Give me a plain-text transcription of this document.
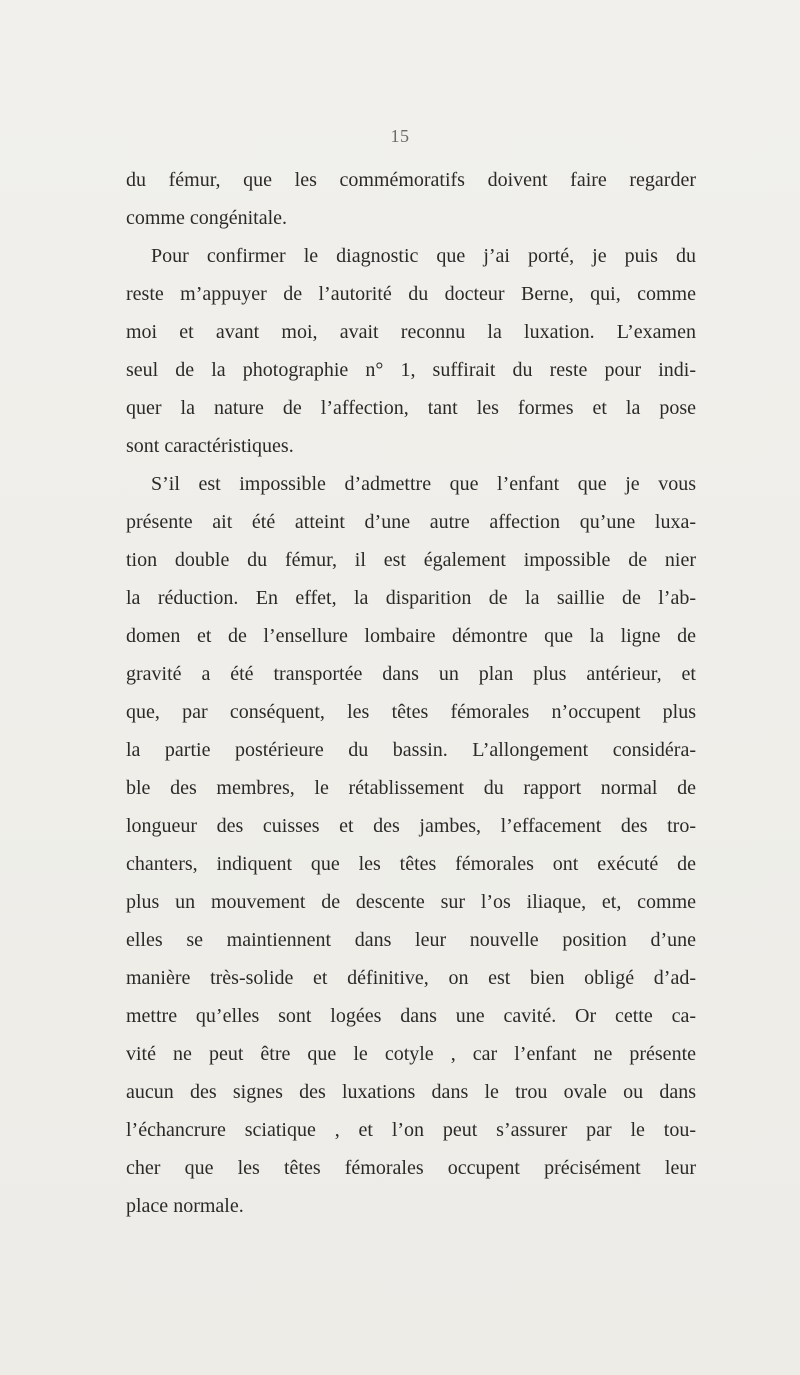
15
du fémur, que les commémoratifs doivent faire regarder
comme congénitale.
Pour confirmer le diagnostic que j’ai porté, je puis du
reste m’appuyer de l’autorité du docteur Berne, qui, comme
moi et avant moi, avait reconnu la luxation. L’examen
seul de la photographie n° 1, suffirait du reste pour indi-
quer la nature de l’affection, tant les formes et la pose
sont caractéristiques.
S’il est impossible d’admettre que l’enfant que je vous
présente ait été atteint d’une autre affection qu’une luxa-
tion double du fémur, il est également impossible de nier
la réduction. En effet, la disparition de la saillie de l’ab-
domen et de l’ensellure lombaire démontre que la ligne de
gravité a été transportée dans un plan plus antérieur, et
que, par conséquent, les têtes fémorales n’occupent plus
la partie postérieure du bassin. L’allongement considéra-
ble des membres, le rétablissement du rapport normal de
longueur des cuisses et des jambes, l’effacement des tro-
chanters, indiquent que les têtes fémorales ont exécuté de
plus un mouvement de descente sur l’os iliaque, et, comme
elles se maintiennent dans leur nouvelle position d’une
manière très-solide et définitive, on est bien obligé d’ad-
mettre qu’elles sont logées dans une cavité. Or cette ca-
vité ne peut être que le cotyle , car l’enfant ne présente
aucun des signes des luxations dans le trou ovale ou dans
l’échancrure sciatique , et l’on peut s’assurer par le tou-
cher que les têtes fémorales occupent précisément leur
place normale.
